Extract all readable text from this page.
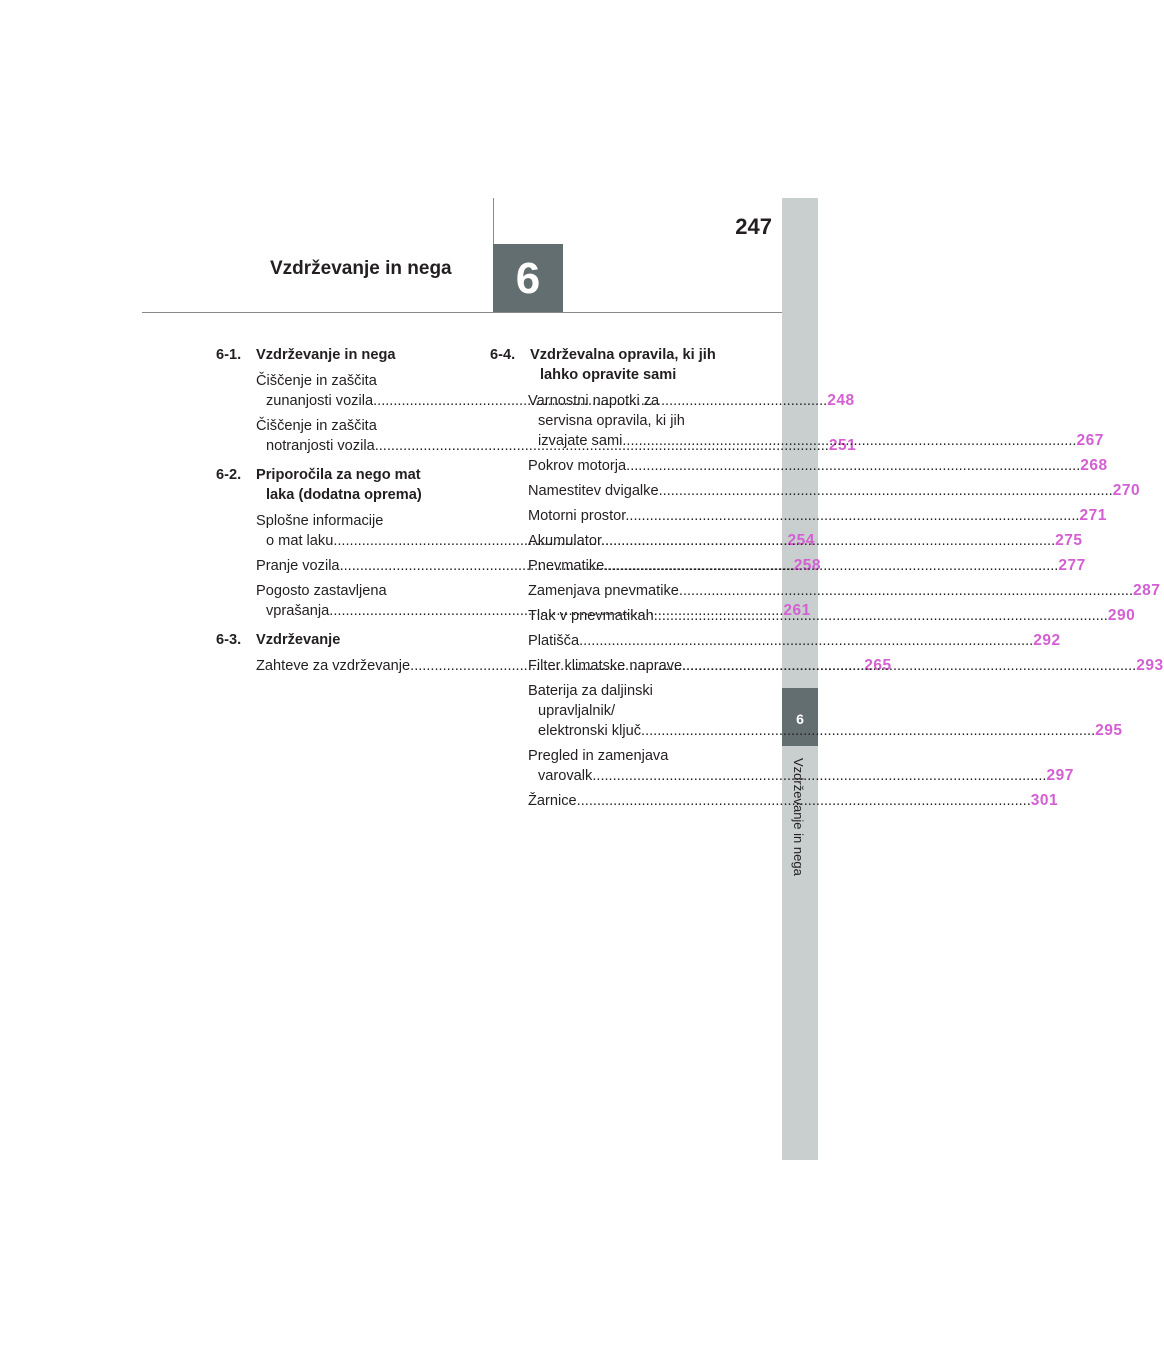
247
Vzdrževanje in nega	6
6
Vzdrževanje in nega
6-1.	Vzdrževanje in nega
Čiščenje in zaščita
zunanjosti vozila .....	248
Čiščenje in zaščita
notranjosti vozila .....	251
6-2.	Priporočila za nego mat
laka (dodatna oprema)
Splošne informacije
o mat laku .....	254
Pranje vozila .....	258
Pogosto zastavljena
vprašanja .....	261
6-3.	Vzdrževanje
Zahteve za vzdrževanje .....	265
6-4.	Vzdrževalna opravila, ki jih
lahko opravite sami
Varnostni napotki za
servisna opravila, ki jih
izvajate sami .....	267
Pokrov motorja .....	268
Namestitev dvigalke .....	270
Motorni prostor .....	271
Akumulator .....	275
Pnevmatike .....	277
Zamenjava pnevmatike .....	287
Tlak v pnevmatikah .....	290
Platišča .....	292
Filter klimatske naprave .....	293
Baterija za daljinski
upravljalnik/
elektronski ključ .....	295
Pregled in zamenjava
varovalk .....	297
Žarnice .....	301
